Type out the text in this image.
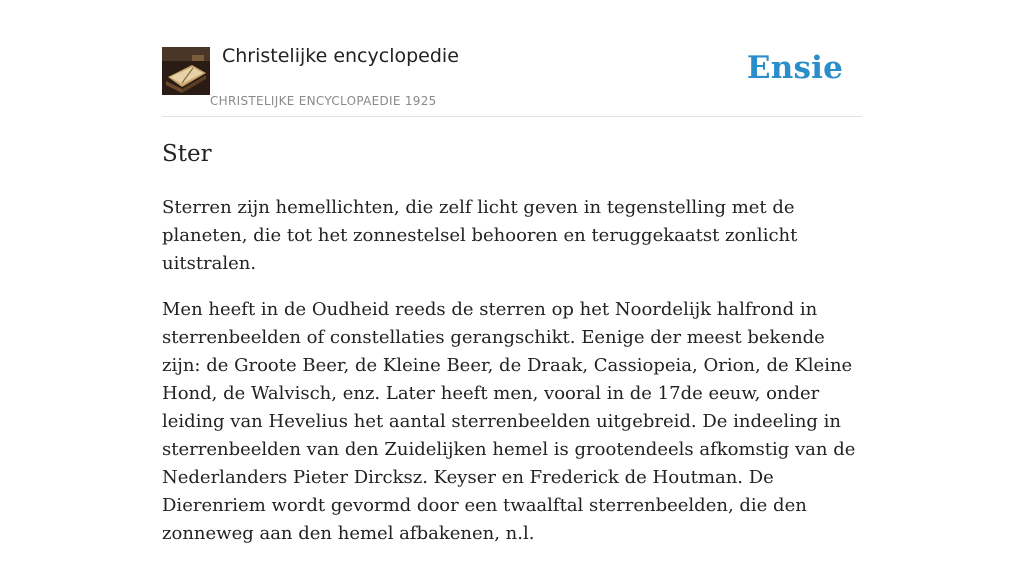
Christelijke encyclopedie
CHRISTELIJKE ENCYCLOPAEDIE 1925
Ensie
Ster

Sterren zijn hemellichten, die zelf licht geven in tegenstelling met de planeten, die tot het zonnestelsel behooren en teruggekaatst zonlicht uitstralen.

Men heeft in de Oudheid reeds de sterren op het Noordelijk halfrond in sterrenbeelden of constellaties gerangschikt. Eenige der meest bekende zijn: de Groote Beer, de Kleine Beer, de Draak, Cassiopeia, Orion, de Kleine Hond, de Walvisch, enz. Later heeft men, vooral in de 17de eeuw, onder leiding van Hevelius het aantal sterrenbeelden uitgebreid. De indeeling in sterrenbeelden van den Zuidelijken hemel is grootendeels afkomstig van de Nederlanders Pieter Dircksz. Keyser en Frederick de Houtman. De Dierenriem wordt gevormd door een twaalftal sterrenbeelden, die den zonneweg aan den hemel afbakenen, n.l.
